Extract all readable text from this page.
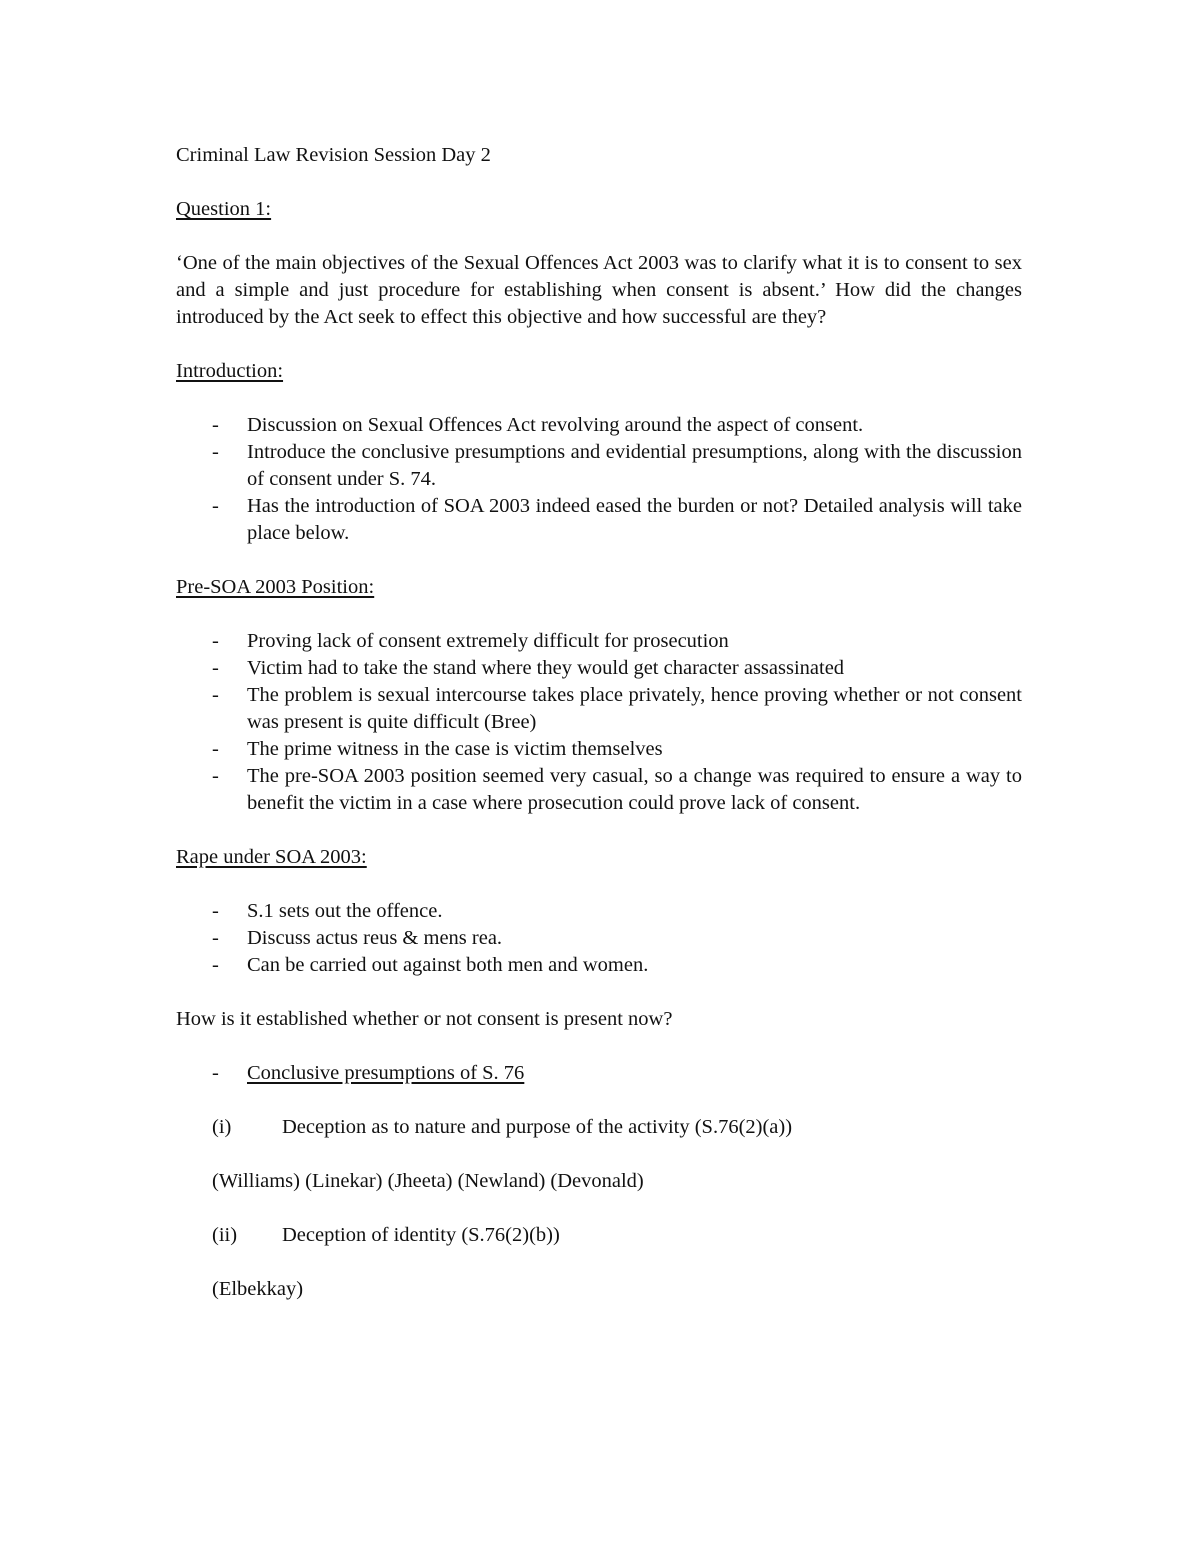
Criminal Law Revision Session Day 2

Question 1:

‘One of the main objectives of the Sexual Offences Act 2003 was to clarify what it is to consent to sex and a simple and just procedure for establishing when consent is absent.’ How did the changes introduced by the Act seek to effect this objective and how successful are they?

Introduction:

- Discussion on Sexual Offences Act revolving around the aspect of consent.
- Introduce the conclusive presumptions and evidential presumptions, along with the discussion of consent under S. 74.
- Has the introduction of SOA 2003 indeed eased the burden or not? Detailed analysis will take place below.

Pre-SOA 2003 Position:

- Proving lack of consent extremely difficult for prosecution
- Victim had to take the stand where they would get character assassinated
- The problem is sexual intercourse takes place privately, hence proving whether or not consent was present is quite difficult (Bree)
- The prime witness in the case is victim themselves
- The pre-SOA 2003 position seemed very casual, so a change was required to ensure a way to benefit the victim in a case where prosecution could prove lack of consent.

Rape under SOA 2003:

- S.1 sets out the offence.
- Discuss actus reus & mens rea.
- Can be carried out against both men and women.

How is it established whether or not consent is present now?

- Conclusive presumptions of S. 76

(i) Deception as to nature and purpose of the activity (S.76(2)(a))

(Williams) (Linekar) (Jheeta) (Newland) (Devonald)

(ii) Deception of identity (S.76(2)(b))

(Elbekkay)
